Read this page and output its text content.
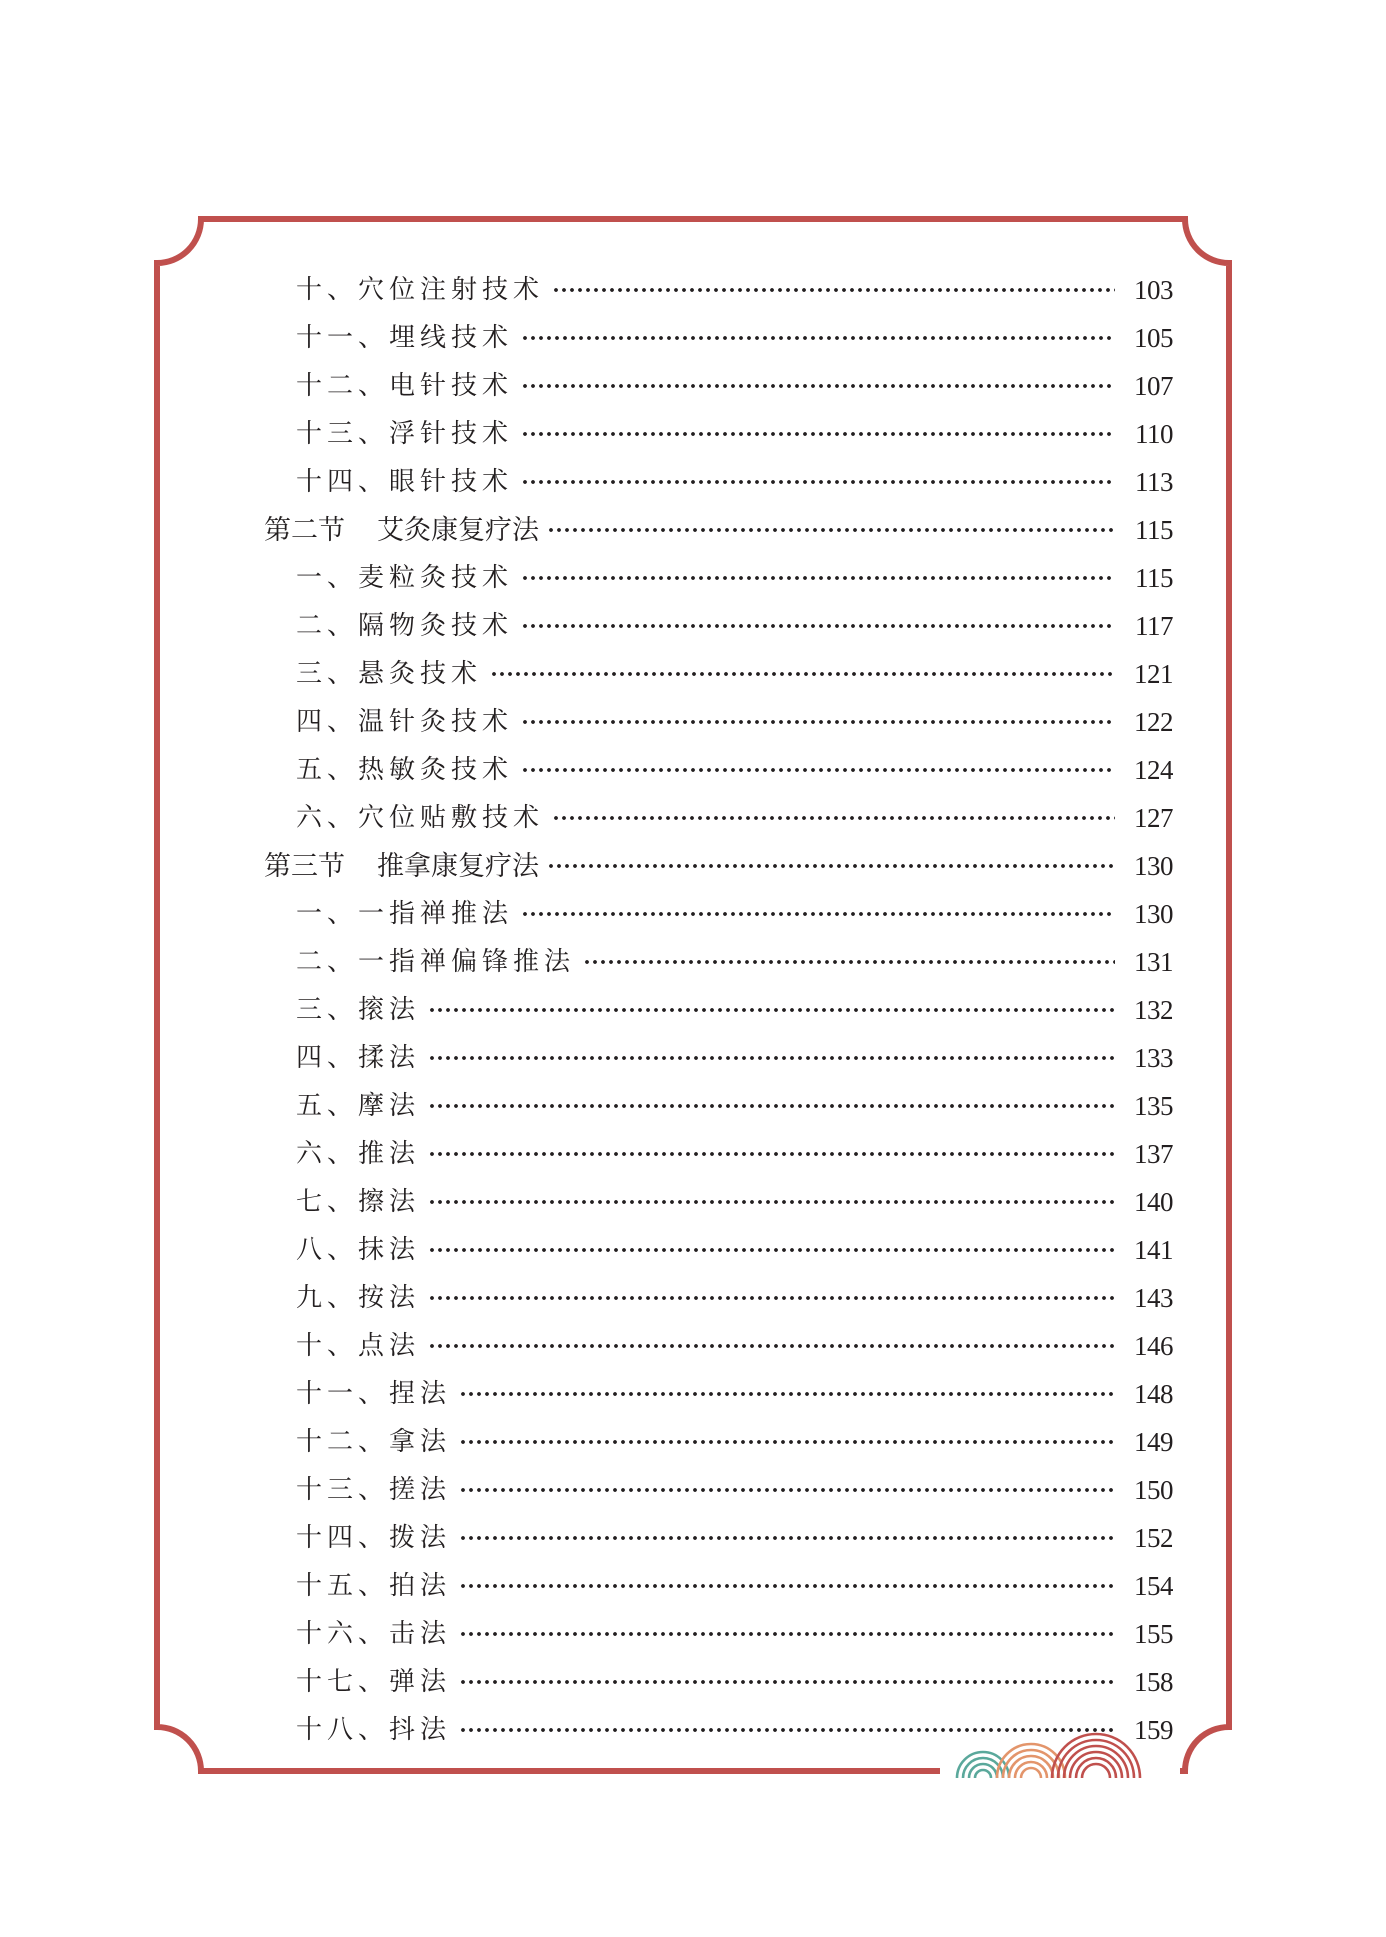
十、穴位注射技术	103
十一、埋线技术	105
十二、电针技术	107
十三、浮针技术	110
十四、眼针技术	113
第二节 艾灸康复疗法	115
一、麦粒灸技术	115
二、隔物灸技术	117
三、悬灸技术	121
四、温针灸技术	122
五、热敏灸技术	124
六、穴位贴敷技术	127
第三节 推拿康复疗法	130
一、一指禅推法	130
二、一指禅偏锋推法	131
三、㨰法	132
四、揉法	133
五、摩法	135
六、推法	137
七、擦法	140
八、抹法	141
九、按法	143
十、点法	146
十一、捏法	148
十二、拿法	149
十三、搓法	150
十四、拨法	152
十五、拍法	154
十六、击法	155
十七、弹法	158
十八、抖法	159
